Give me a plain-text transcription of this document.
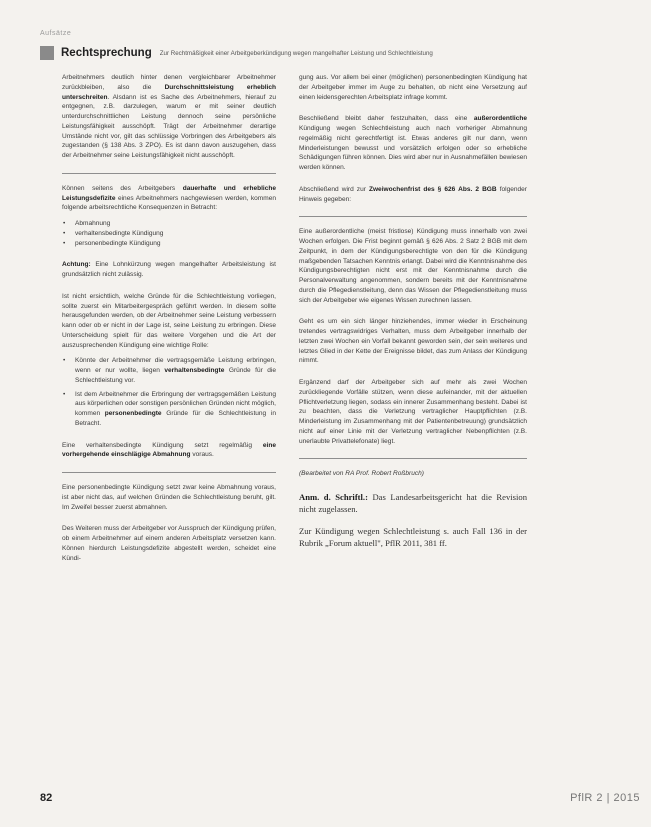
Aufsätze
Rechtsprechung Zur Rechtmäßigkeit einer Arbeitgeberkündigung wegen mangelhafter Leistung und Schlechtleistung

Arbeitnehmers deutlich hinter denen vergleichbarer Arbeitnehmer zurückbleiben, also die Durchschnittsleistung erheblich unterschreiten. Alsdann ist es Sache des Arbeitnehmers, hierauf zu entgegnen, z.B. darzulegen, warum er mit seiner deutlich unterdurchschnittlichen Leistung dennoch seine persönliche Leistungsfähigkeit ausschöpft. Trägt der Arbeitnehmer derartige Umstände nicht vor, gilt das schlüssige Vorbringen des Arbeitgebers als zugestanden (§ 138 Abs. 3 ZPO). Es ist dann davon auszugehen, dass der Arbeitnehmer seine Leistungsfähigkeit nicht ausschöpft.

Können seitens des Arbeitgebers dauerhafte und erhebliche Leistungsdefizite eines Arbeitnehmers nachgewiesen werden, kommen folgende arbeitsrechtliche Konsequenzen in Betracht:

• Abmahnung
• verhaltensbedingte Kündigung
• personenbedingte Kündigung

Achtung: Eine Lohnkürzung wegen mangelhafter Arbeitsleistung ist grundsätzlich nicht zulässig.

Ist nicht ersichtlich, welche Gründe für die Schlechtleistung vorliegen, sollte zuerst ein Mitarbeitergespräch geführt werden. In diesem sollte herausgefunden werden, ob der Arbeitnehmer seine Leistung verbessern kann oder ob er nicht in der Lage ist, seine Leistung zu erbringen. Diese Unterscheidung spielt für das weitere Vorgehen und die Art der auszusprechenden Kündigung eine wichtige Rolle:

• Könnte der Arbeitnehmer die vertragsgemäße Leistung erbringen, wenn er nur wollte, liegen verhaltensbedingte Gründe für die Schlechtleistung vor.
• Ist dem Arbeitnehmer die Erbringung der vertragsgemäßen Leistung aus körperlichen oder sonstigen persönlichen Gründen nicht möglich, kommen personenbedingte Gründe für die Schlechtleistung in Betracht.

Eine verhaltensbedingte Kündigung setzt regelmäßig eine vorhergehende einschlägige Abmahnung voraus.

Eine personenbedingte Kündigung setzt zwar keine Abmahnung voraus, ist aber nicht das, auf welchen Gründen die Schlechtleistung beruht, gilt. Im Zweifel besser zuerst abmahnen.

Des Weiteren muss der Arbeitgeber vor Ausspruch der Kündigung prüfen, ob einem Arbeitnehmer auf einem anderen Arbeitsplatz versetzen kann. Können hierdurch Leistungsdefizite abgestellt werden, scheidet eine Kündi-

gung aus. Vor allem bei einer (möglichen) personenbedingten Kündigung hat der Arbeitgeber immer im Auge zu behalten, ob nicht eine Versetzung auf einen leidensgerechten Arbeitsplatz infrage kommt.

Beschließend bleibt daher festzuhalten, dass eine außerordentliche Kündigung wegen Schlechtleistung auch nach vorheriger Abmahnung regelmäßig nicht gerechtfertigt ist. Etwas anderes gilt nur dann, wenn Minderleistungen bewusst und vorsätzlich erfolgen oder so erhebliche Schädigungen führen können. Dies wird aber nur in Ausnahmefällen bewiesen werden können.

Abschließend wird zur Zweiwochenfrist des § 626 Abs. 2 BGB folgender Hinweis gegeben:

Eine außerordentliche (meist fristlose) Kündigung muss innerhalb von zwei Wochen erfolgen. Die Frist beginnt gemäß § 626 Abs. 2 Satz 2 BGB mit dem Zeitpunkt, in dem der Kündigungsberechtigte von den für die Kündigung maßgebenden Tatsachen Kenntnis erlangt. Dabei wird die Kenntnisnahme des Kündigungsberechtigten nicht erst mit der Kenntnisnahme durch die Personalverwaltung angenommen, sondern bereits mit der Kenntnisnahme durch die Pflegedienstleitung, denn das Wissen der Pflegedienstleitung muss sich der Arbeitgeber wie eigenes Wissen zurechnen lassen.

Geht es um ein sich länger hinziehendes, immer wieder in Erscheinung tretendes vertragswidriges Verhalten, muss dem Arbeitgeber innerhalb der letzten zwei Wochen ein Vorfall bekannt geworden sein, der sein weiteres und letztes Glied in der Kette der Ereignisse bildet, das zum Anlass der Kündigung nimmt.

Ergänzend darf der Arbeitgeber sich auf mehr als zwei Wochen zurückliegende Vorfälle stützen, wenn diese aufeinander, mit der aktuellen Pflichtverletzung liegen, sodass ein innerer Zusammenhang besteht. Dabei ist zu beachten, dass die Verletzung vertraglicher Hauptpflichten (z.B. Minderleistung im Zusammenhang mit der Patientenbetreuung) grundsätzlich nicht auf einer Linie mit der Verletzung vertraglicher Nebenpflichten (z.B. unerlaubte Privattelefonate) liegt.

(Bearbeitet von RA Prof. Robert Roßbruch)

Anm. d. Schriftl.: Das Landesarbeitsgericht hat die Revision nicht zugelassen.

Zur Kündigung wegen Schlechtleistung s. auch Fall 136 in der Rubrik „Forum aktuell", PflR 2011, 381 ff.

82	PflR 2 | 2015
